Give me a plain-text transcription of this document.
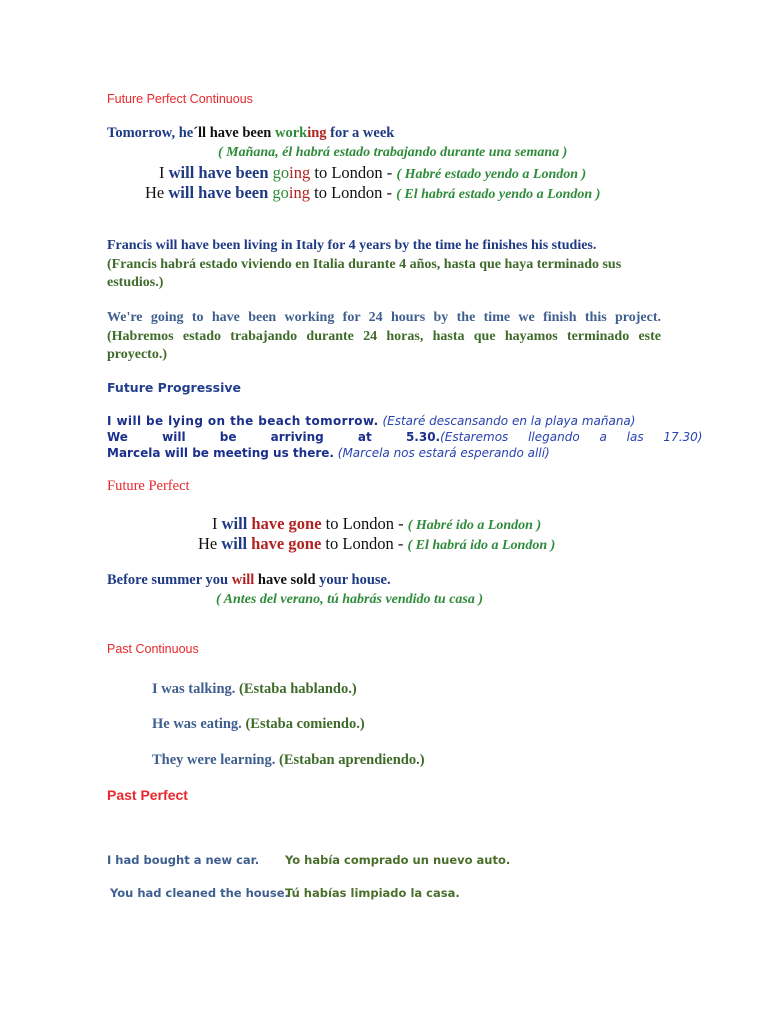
Future Perfect Continuous
Tomorrow, he´ll have been working for a week
( Mañana, él habrá estado trabajando durante una semana )
I will have been going to London - ( Habré estado yendo a London )
He will have been going to London - ( El habrá estado yendo a London )
Francis will have been living in Italy for 4 years by the time he finishes his studies.
(Francis habrá estado viviendo en Italia durante 4 años, hasta que haya terminado sus
estudios.)
We're going to have been working for 24 hours by the time we finish this project.
(Habremos estado trabajando durante 24 horas, hasta que hayamos terminado este
proyecto.)
Future Progressive
I will be lying on the beach tomorrow. (Estaré descansando en la playa mañana)
We will be arriving at 5.30. (Estaremos llegando a las 17.30)
Marcela will be meeting us there. (Marcela nos estará esperando allí)
Future Perfect
I will have gone to London - ( Habré ido a London )
He will have gone to London - ( El habrá ido a London )
Before summer you will have sold your house.
( Antes del verano, tú habrás vendido tu casa )
Past Continuous
I was talking. (Estaba hablando.)
He was eating. (Estaba comiendo.)
They were learning. (Estaban aprendiendo.)
Past Perfect
I had bought a new car. Yo había comprado un nuevo auto.
You had cleaned the house.
Tú habías limpiado la casa.
